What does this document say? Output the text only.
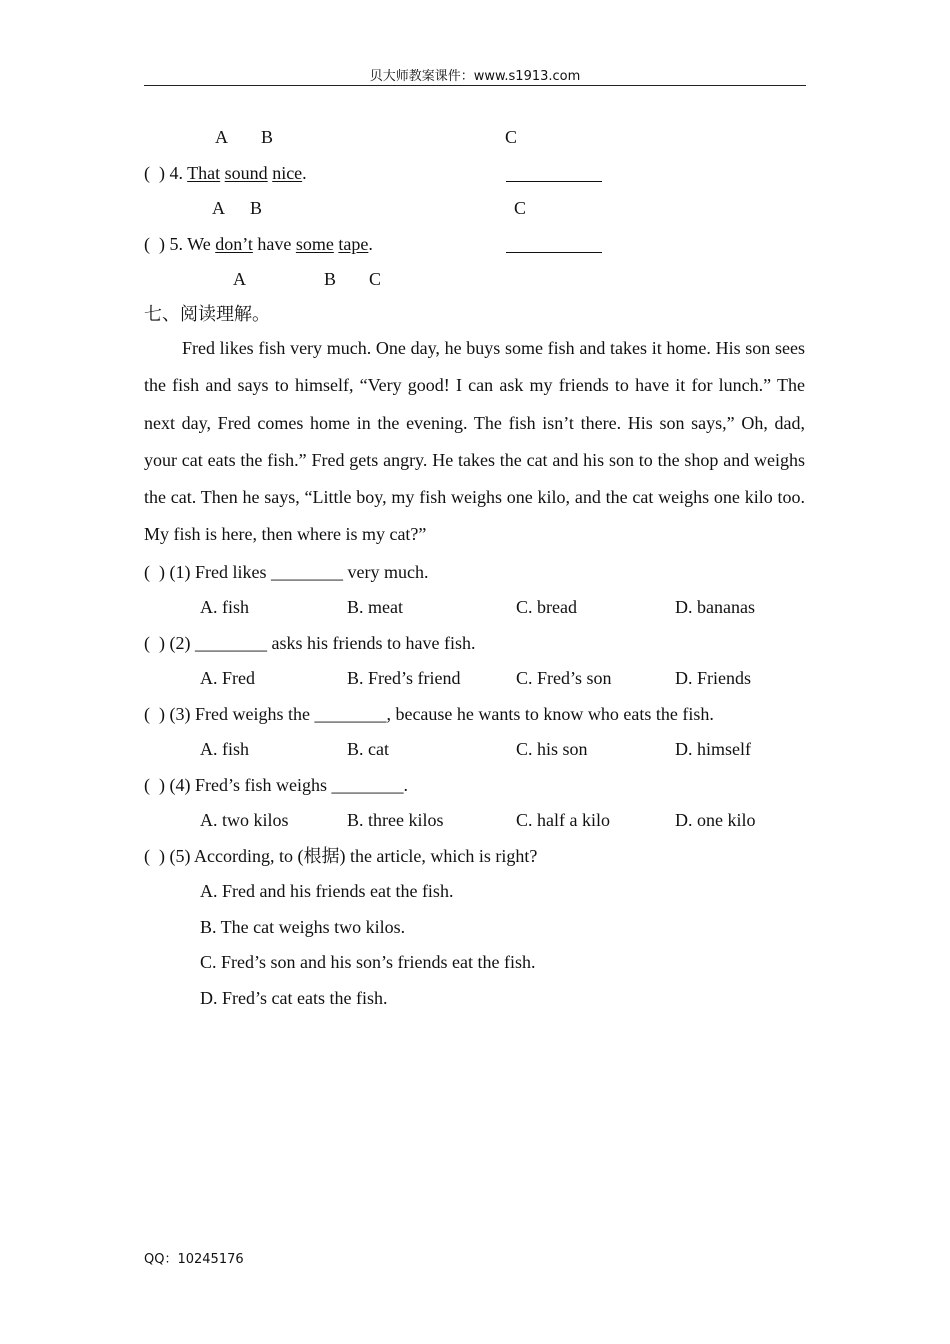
贝大师教案课件：www.s1913.com
A B	C
(  ) 4. That sound nice.
A B	C
(  ) 5. We don’t have some tape.
A	B C
七、阅读理解。

Fred likes fish very much. One day, he buys some fish and takes it home. His son sees the fish and says to himself, “Very good! I can ask my friends to have it for lunch.” The next day, Fred comes home in the evening. The fish isn’t there. His son says,” Oh, dad, your cat eats the fish.” Fred gets angry. He takes the cat and his son to the shop and weighs the cat. Then he says, “Little boy, my fish weighs one kilo, and the cat weighs one kilo too. My fish is here, then where is my cat?”

(  ) (1) Fred likes ________ very much.
A. fish	B. meat	C. bread	D. bananas
(  ) (2) ________ asks his friends to have fish.
A. Fred	B. Fred’s friend	C. Fred’s son	D. Friends
(  ) (3) Fred weighs the ________, because he wants to know who eats the fish.
A. fish	B. cat	C. his son	D. himself
(  ) (4) Fred’s fish weighs ________.
A. two kilos	B. three kilos	C. half a kilo	D. one kilo
(  ) (5) According, to (根据) the article, which is right?
A. Fred and his friends eat the fish.
B. The cat weighs two kilos.
C. Fred’s son and his son’s friends eat the fish.
D. Fred’s cat eats the fish.
QQ：10245176
